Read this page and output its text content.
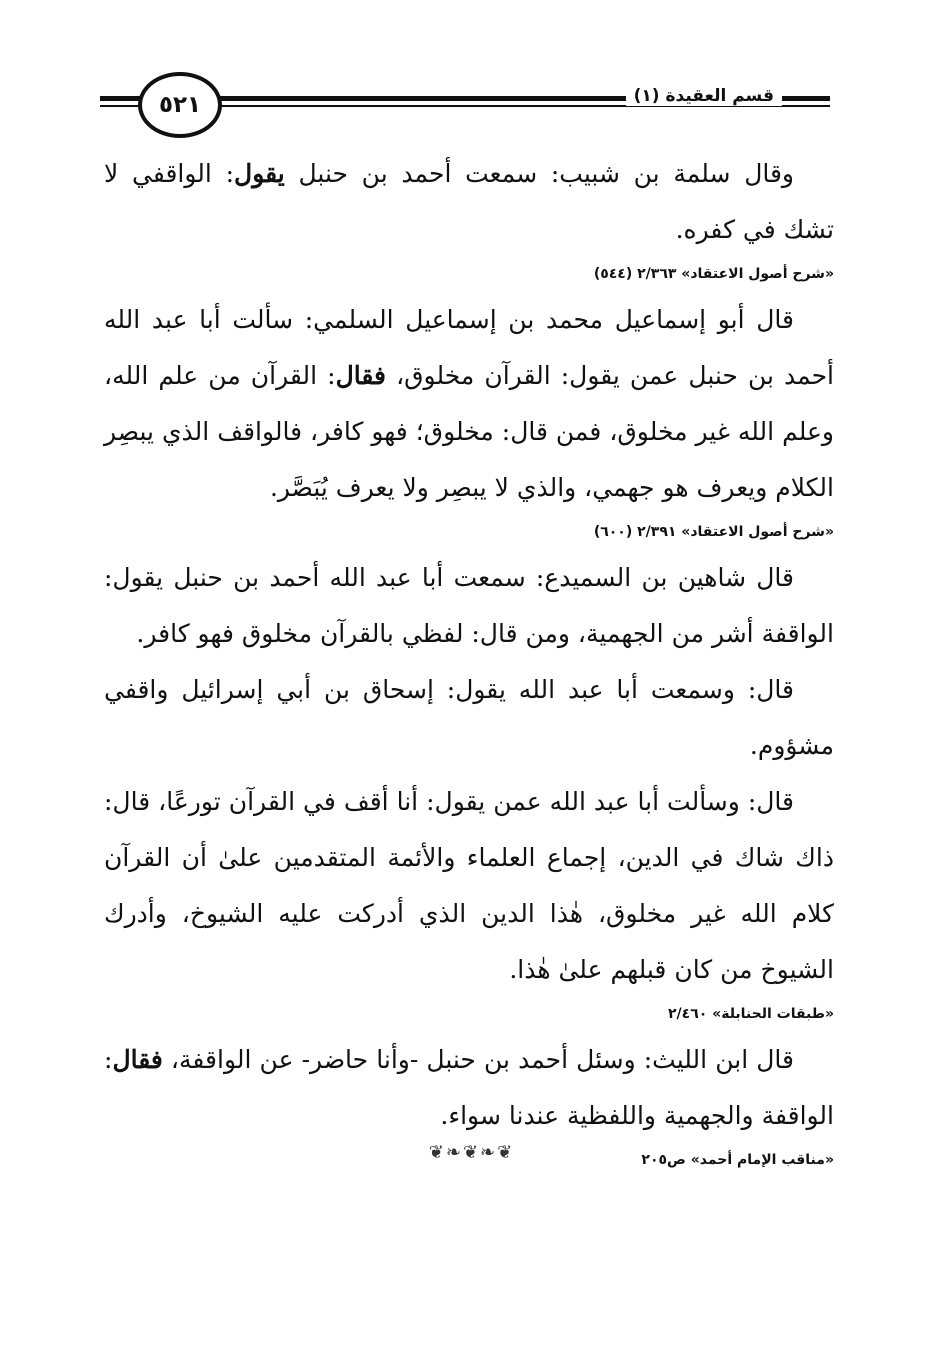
٥٢١	قسم العقيدة (١)

وقال سلمة بن شبيب: سمعت أحمد بن حنبل يقول: الواقفي لا تشك في كفره.

«شرح أصول الاعتقاد» ٢/٣٦٣ (٥٤٤)

قال أبو إسماعيل محمد بن إسماعيل السلمي: سألت أبا عبد الله أحمد بن حنبل عمن يقول: القرآن مخلوق، فقال: القرآن من علم الله، وعلم الله غير مخلوق، فمن قال: مخلوق؛ فهو كافر، فالواقف الذي يبصِر الكلام ويعرف هو جهمي، والذي لا يبصِر ولا يعرف يُبَصَّر.

«شرح أصول الاعتقاد» ٢/٣٩١ (٦٠٠)

قال شاهين بن السميدع: سمعت أبا عبد الله أحمد بن حنبل يقول: الواقفة أشر من الجهمية، ومن قال: لفظي بالقرآن مخلوق فهو كافر.

قال: وسمعت أبا عبد الله يقول: إسحاق بن أبي إسرائيل واقفي مشؤوم.

قال: وسألت أبا عبد الله عمن يقول: أنا أقف في القرآن تورعًا، قال: ذاك شاك في الدين، إجماع العلماء والأئمة المتقدمين علىٰ أن القرآن كلام الله غير مخلوق، هٰذا الدين الذي أدركت عليه الشيوخ، وأدرك الشيوخ من كان قبلهم علىٰ هٰذا.

«طبقات الحنابلة» ٢/٤٦٠

قال ابن الليث: وسئل أحمد بن حنبل -وأنا حاضر- عن الواقفة، فقال: الواقفة والجهمية واللفظية عندنا سواء.

«مناقب الإمام أحمد» ص٢٠٥
❦❧❦❧❦
